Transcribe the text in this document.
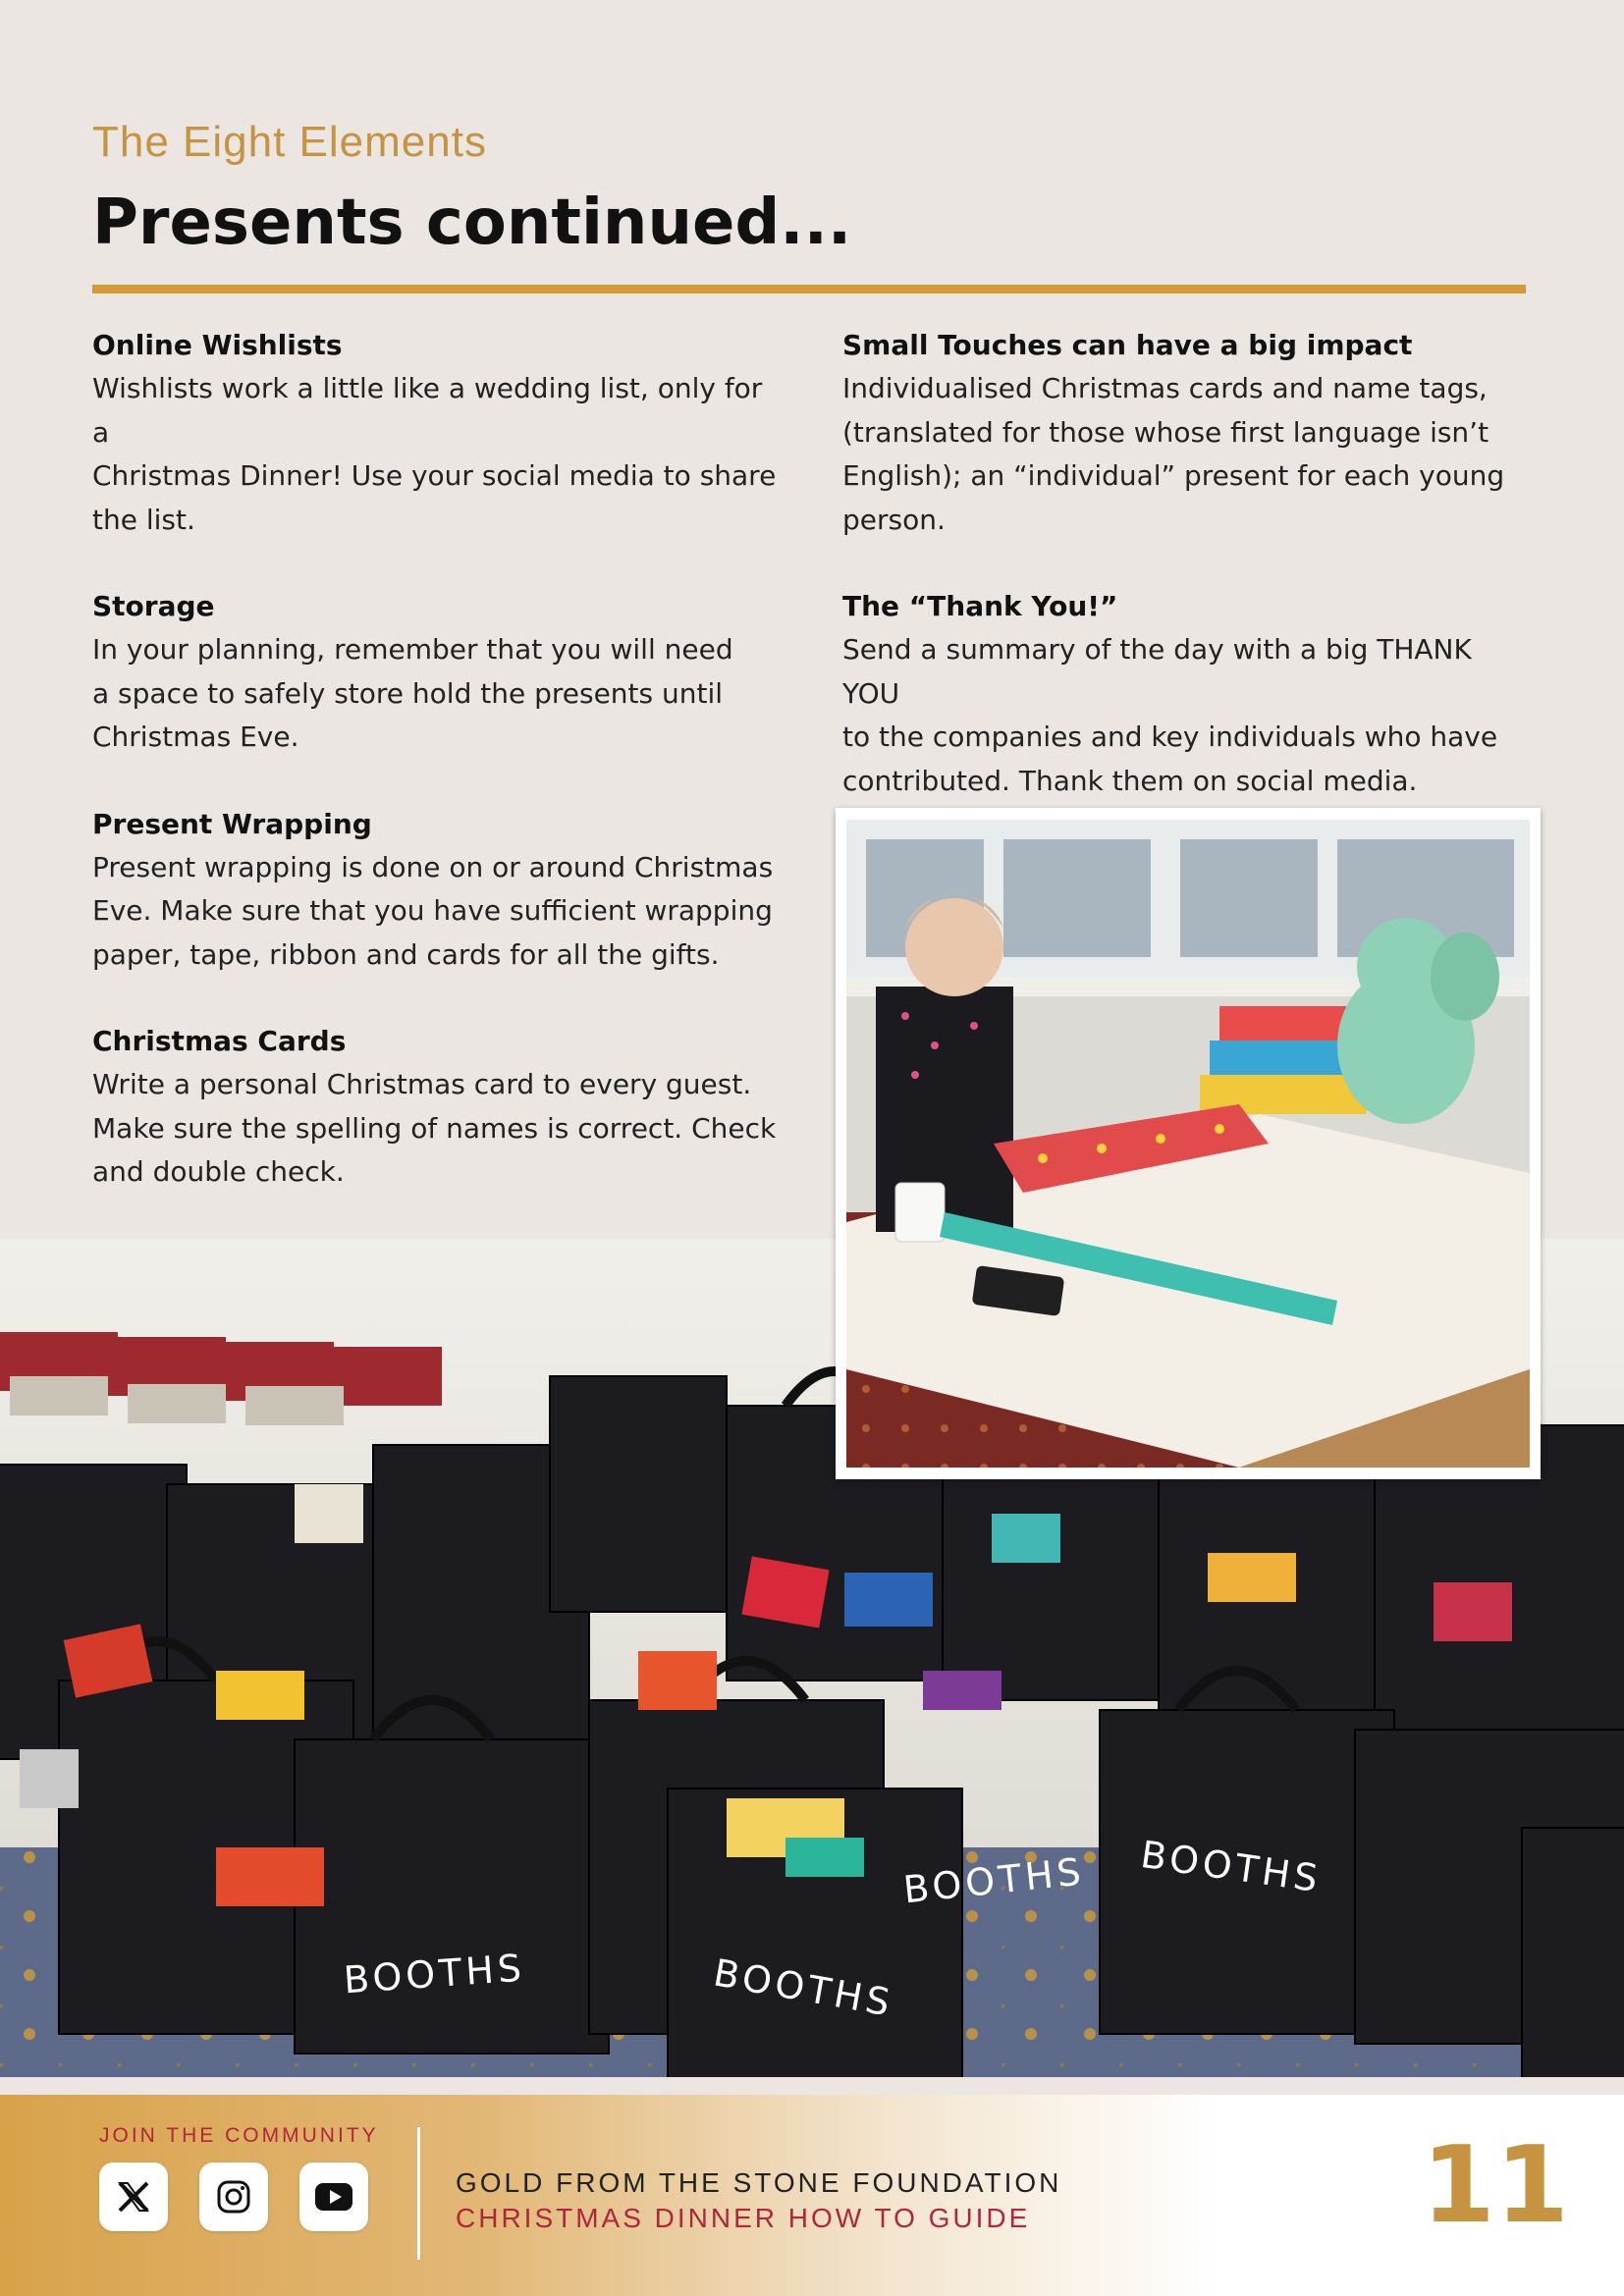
The Eight Elements
Presents continued...
Online Wishlists

Wishlists work a little like a wedding list, only for a
Christmas Dinner! Use your social media to share
the list.

Storage

In your planning, remember that you will need
a space to safely store hold the presents until
Christmas Eve.

Present Wrapping

Present wrapping is done on or around Christmas
Eve. Make sure that you have sufficient wrapping
paper, tape, ribbon and cards for all the gifts.

Christmas Cards

Write a personal Christmas card to every guest.
Make sure the spelling of names is correct. Check
and double check.

Small Touches can have a big impact

Individualised Christmas cards and name tags,
(translated for those whose first language isn’t
English); an “individual” present for each young
person.

The “Thank You!”

Send a summary of the day with a big THANK YOU
to the companies and key individuals who have
contributed. Thank them on social media.

BOOTHS	BOOTHS
BOOTHS BOOTHS
JOIN THE COMMUNITY
GOLD FROM THE STONE FOUNDATION
CHRISTMAS DINNER HOW TO GUIDE	11
